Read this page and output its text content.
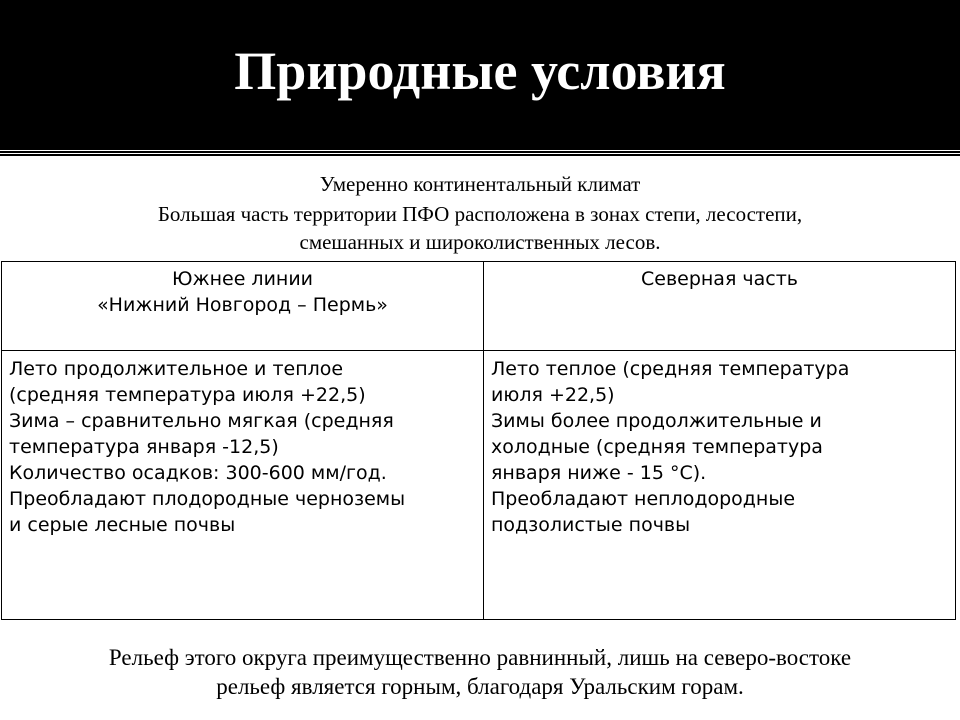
Природные условия
Умеренно континентальный климат
Большая часть территории ПФО расположена в зонах степи, лесостепи,
смешанных и широколиственных лесов.
Южнее линии
«Нижний Новгород – Пермь»
Северная часть
Лето продолжительное и теплое
(средняя температура июля +22,5)
Зима – сравнительно мягкая (средняя
температура января -12,5)
Количество осадков: 300-600 мм/год.
Преобладают плодородные черноземы
и серые лесные почвы
Лето теплое (средняя температура
июля +22,5)
Зимы более продолжительные и
холодные (средняя температура
января ниже - 15 °С).
Преобладают неплодородные
подзолистые почвы
Рельеф этого округа преимущественно равнинный, лишь на северо-востоке
рельеф является горным, благодаря Уральским горам.
